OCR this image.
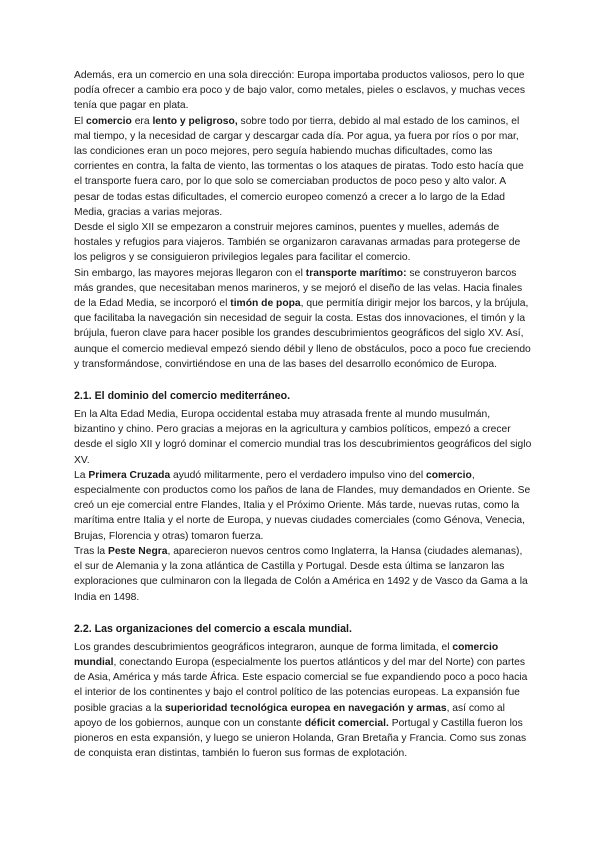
Además, era un comercio en una sola dirección: Europa importaba productos valiosos, pero lo que podía ofrecer a cambio era poco y de bajo valor, como metales, pieles o esclavos, y muchas veces tenía que pagar en plata.

El comercio era lento y peligroso, sobre todo por tierra, debido al mal estado de los caminos, el mal tiempo, y la necesidad de cargar y descargar cada día. Por agua, ya fuera por ríos o por mar, las condiciones eran un poco mejores, pero seguía habiendo muchas dificultades, como las corrientes en contra, la falta de viento, las tormentas o los ataques de piratas. Todo esto hacía que el transporte fuera caro, por lo que solo se comerciaban productos de poco peso y alto valor. A pesar de todas estas dificultades, el comercio europeo comenzó a crecer a lo largo de la Edad Media, gracias a varias mejoras.

Desde el siglo XII se empezaron a construir mejores caminos, puentes y muelles, además de hostales y refugios para viajeros. También se organizaron caravanas armadas para protegerse de los peligros y se consiguieron privilegios legales para facilitar el comercio.

Sin embargo, las mayores mejoras llegaron con el transporte marítimo: se construyeron barcos más grandes, que necesitaban menos marineros, y se mejoró el diseño de las velas. Hacia finales de la Edad Media, se incorporó el timón de popa, que permitía dirigir mejor los barcos, y la brújula, que facilitaba la navegación sin necesidad de seguir la costa. Estas dos innovaciones, el timón y la brújula, fueron clave para hacer posible los grandes descubrimientos geográficos del siglo XV. Así, aunque el comercio medieval empezó siendo débil y lleno de obstáculos, poco a poco fue creciendo y transformándose, convirtiéndose en una de las bases del desarrollo económico de Europa.

2.1. El dominio del comercio mediterráneo.

En la Alta Edad Media, Europa occidental estaba muy atrasada frente al mundo musulmán, bizantino y chino. Pero gracias a mejoras en la agricultura y cambios políticos, empezó a crecer desde el siglo XII y logró dominar el comercio mundial tras los descubrimientos geográficos del siglo XV.

La Primera Cruzada ayudó militarmente, pero el verdadero impulso vino del comercio, especialmente con productos como los paños de lana de Flandes, muy demandados en Oriente. Se creó un eje comercial entre Flandes, Italia y el Próximo Oriente. Más tarde, nuevas rutas, como la marítima entre Italia y el norte de Europa, y nuevas ciudades comerciales (como Génova, Venecia, Brujas, Florencia y otras) tomaron fuerza.

Tras la Peste Negra, aparecieron nuevos centros como Inglaterra, la Hansa (ciudades alemanas), el sur de Alemania y la zona atlántica de Castilla y Portugal. Desde esta última se lanzaron las exploraciones que culminaron con la llegada de Colón a América en 1492 y de Vasco da Gama a la India en 1498.

2.2. Las organizaciones del comercio a escala mundial.

Los grandes descubrimientos geográficos integraron, aunque de forma limitada, el comercio mundial, conectando Europa (especialmente los puertos atlánticos y del mar del Norte) con partes de Asia, América y más tarde África. Este espacio comercial se fue expandiendo poco a poco hacia el interior de los continentes y bajo el control político de las potencias europeas. La expansión fue posible gracias a la superioridad tecnológica europea en navegación y armas, así como al apoyo de los gobiernos, aunque con un constante déficit comercial. Portugal y Castilla fueron los pioneros en esta expansión, y luego se unieron Holanda, Gran Bretaña y Francia. Como sus zonas de conquista eran distintas, también lo fueron sus formas de explotación.
